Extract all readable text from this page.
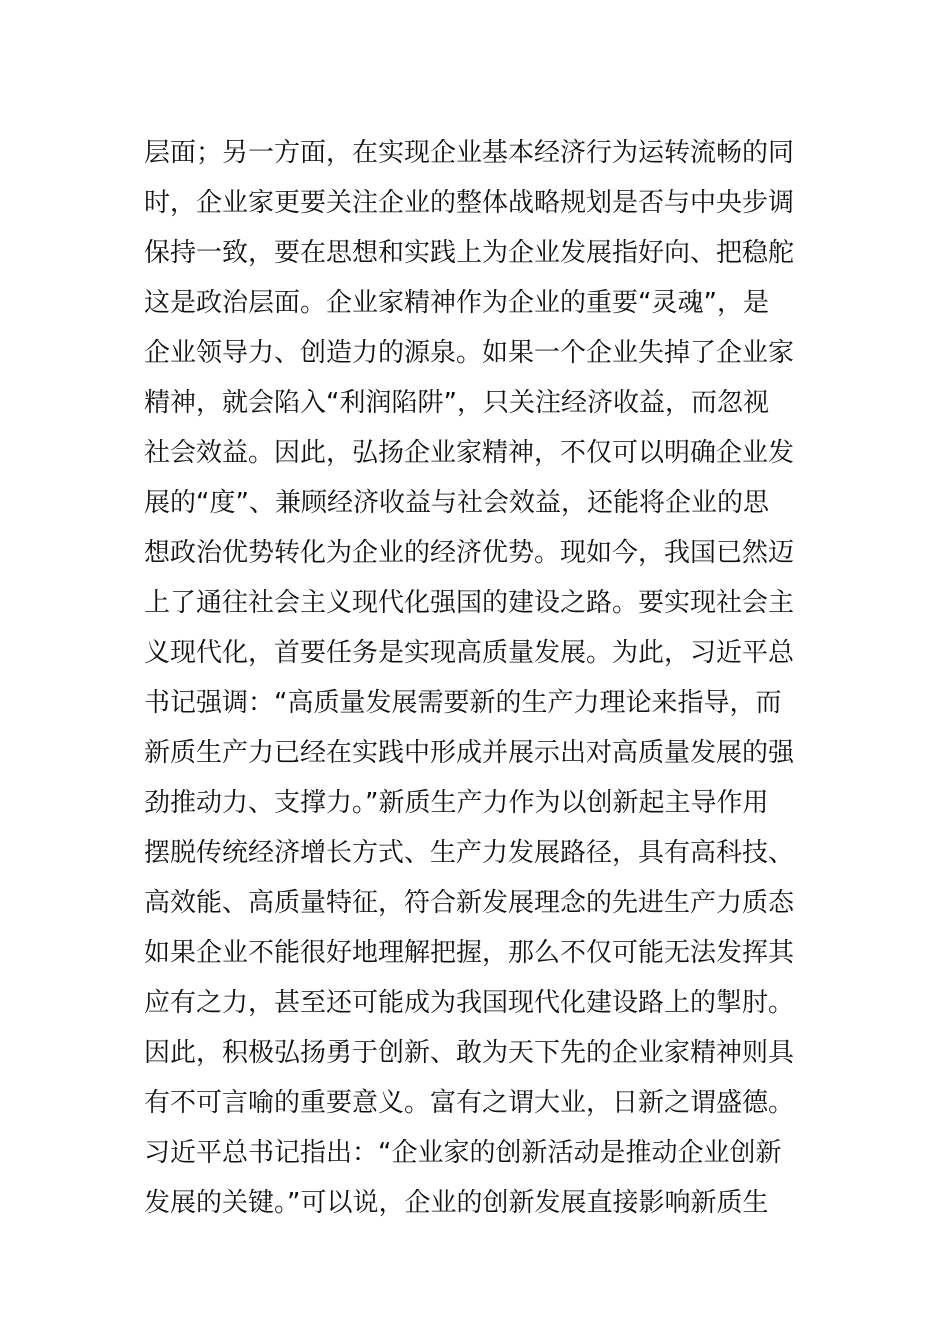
层面；另一方面，在实现企业基本经济行为运转流畅的同
时，企业家更要关注企业的整体战略规划是否与中央步调
保持一致，要在思想和实践上为企业发展指好向、把稳舵
这是政治层面。企业家精神作为企业的重要“灵魂”，是
企业领导力、创造力的源泉。如果一个企业失掉了企业家
精神，就会陷入“利润陷阱”，只关注经济收益，而忽视
社会效益。因此，弘扬企业家精神，不仅可以明确企业发
展的“度”、兼顾经济收益与社会效益，还能将企业的思
想政治优势转化为企业的经济优势。现如今，我国已然迈
上了通往社会主义现代化强国的建设之路。要实现社会主
义现代化，首要任务是实现高质量发展。为此，习近平总
书记强调：“高质量发展需要新的生产力理论来指导，而
新质生产力已经在实践中形成并展示出对高质量发展的强
劲推动力、支撑力。”新质生产力作为以创新起主导作用
摆脱传统经济增长方式、生产力发展路径，具有高科技、
高效能、高质量特征，符合新发展理念的先进生产力质态
如果企业不能很好地理解把握，那么不仅可能无法发挥其
应有之力，甚至还可能成为我国现代化建设路上的掣肘。
因此，积极弘扬勇于创新、敢为天下先的企业家精神则具
有不可言喻的重要意义。富有之谓大业，日新之谓盛德。
习近平总书记指出：“企业家的创新活动是推动企业创新
发展的关键。”可以说，企业的创新发展直接影响新质生
